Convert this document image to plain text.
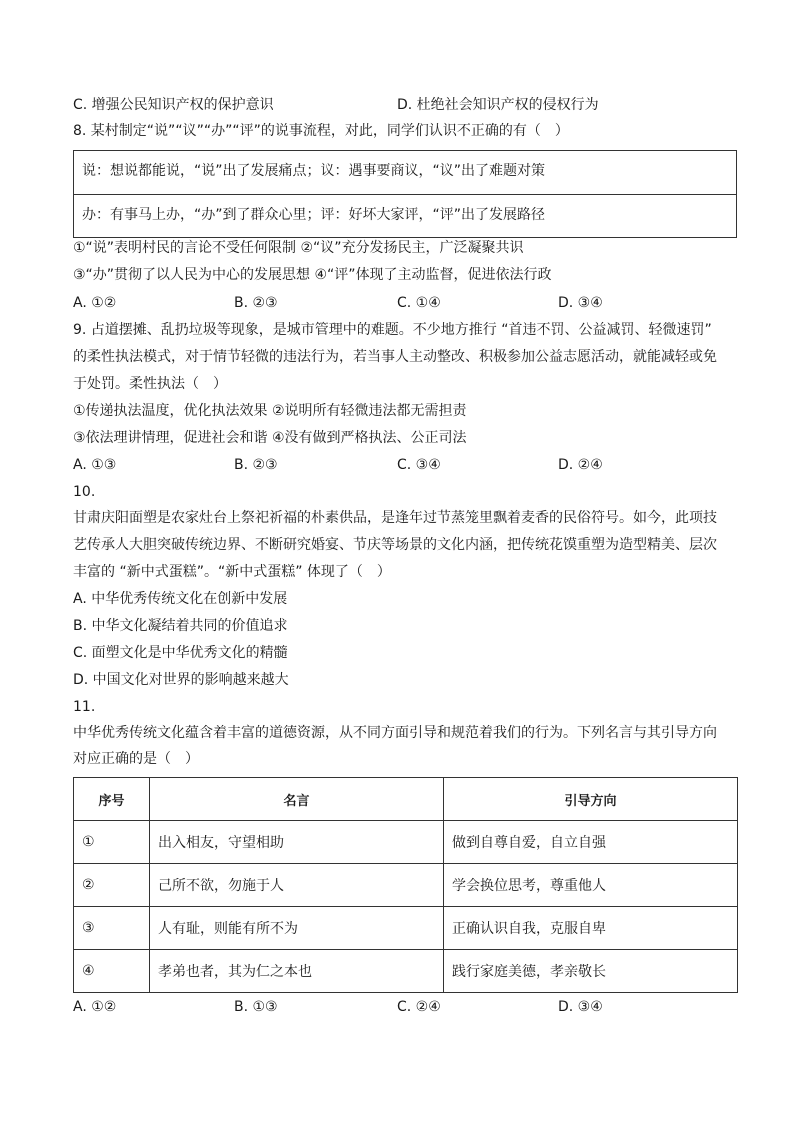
C. 增强公民知识产权的保护意识	D. 杜绝社会知识产权的侵权行为
8. 某村制定“说”“议”“办”“评”的说事流程，对此，同学们认识不正确的有（　）
说：想说都能说，“说”出了发展痛点；议：遇事要商议，“议”出了难题对策
办：有事马上办，“办”到了群众心里；评：好坏大家评，“评”出了发展路径
①“说”表明村民的言论不受任何限制 ②“议”充分发扬民主，广泛凝聚共识
③“办”贯彻了以人民为中心的发展思想 ④“评”体现了主动监督，促进依法行政
A. ①②	B. ②③	C. ①④	D. ③④
9. 占道摆摊、乱扔垃圾等现象，是城市管理中的难题。不少地方推行 “首违不罚、公益减罚、轻微速罚”
的柔性执法模式，对于情节轻微的违法行为，若当事人主动整改、积极参加公益志愿活动，就能减轻或免
于处罚。柔性执法（　）
①传递执法温度，优化执法效果 ②说明所有轻微违法都无需担责
③依法理讲情理，促进社会和谐 ④没有做到严格执法、公正司法
A. ①③	B. ②③	C. ③④	D. ②④
10.
甘肃庆阳面塑是农家灶台上祭祀祈福的朴素供品，是逢年过节蒸笼里飘着麦香的民俗符号。如今，此项技
艺传承人大胆突破传统边界、不断研究婚宴、节庆等场景的文化内涵，把传统花馍重塑为造型精美、层次
丰富的 “新中式蛋糕”。“新中式蛋糕” 体现了（　）
A. 中华优秀传统文化在创新中发展
B. 中华文化凝结着共同的价值追求
C. 面塑文化是中华优秀文化的精髓
D. 中国文化对世界的影响越来越大
11.
中华优秀传统文化蕴含着丰富的道德资源，从不同方面引导和规范着我们的行为。下列名言与其引导方向
对应正确的是（　）
序号	名言	引导方向
①	出入相友，守望相助	做到自尊自爱，自立自强
②	己所不欲，勿施于人	学会换位思考，尊重他人
③	人有耻，则能有所不为	正确认识自我，克服自卑
④	孝弟也者，其为仁之本也	践行家庭美德，孝亲敬长
A. ①②	B. ①③	C. ②④	D. ③④
